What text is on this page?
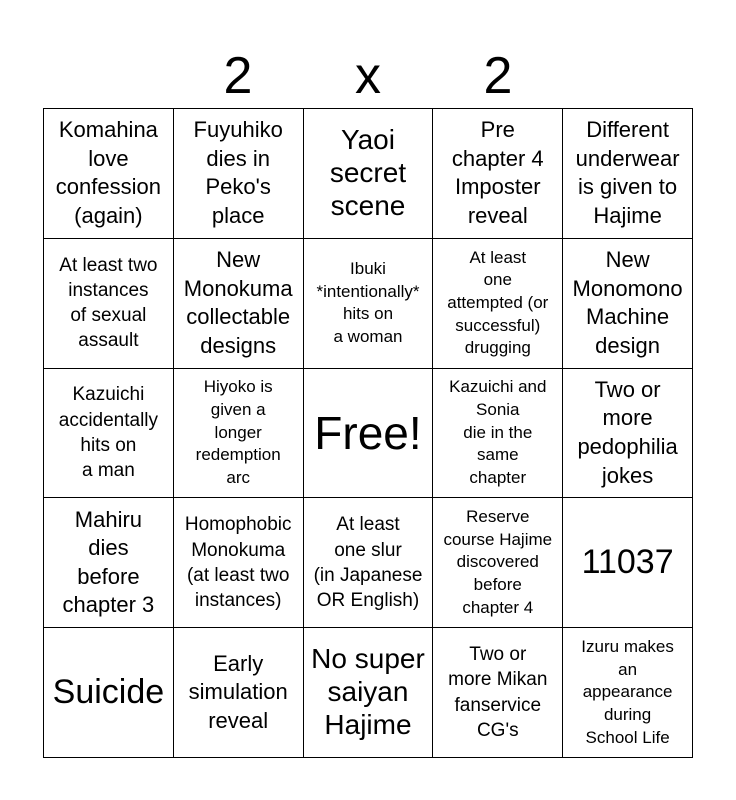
2	x	2
Komahina
love
confession
(again)
Fuyuhiko
dies in
Peko's
place
Yaoi
secret
scene
Pre
chapter 4
Imposter
reveal
Different
underwear
is given to
Hajime
At least two
instances
of sexual
assault
New
Monokuma
collectable
designs
Ibuki
*intentionally*
hits on
a woman
At least
one
attempted (or
successful)
drugging
New
Monomono
Machine
design
Kazuichi
accidentally
hits on
a man
Hiyoko is
given a
longer
redemption
arc
Free!
Kazuichi and
Sonia
die in the
same
chapter
Two or
more
pedophilia
jokes
Mahiru
dies
before
chapter 3
Homophobic
Monokuma
(at least two
instances)
At least
one slur
(in Japanese
OR English)
Reserve
course Hajime
discovered
before
chapter 4
11037
Suicide
Early
simulation
reveal
No super
saiyan
Hajime
Two or
more Mikan
fanservice
CG's
Izuru makes
an
appearance
during
School Life
